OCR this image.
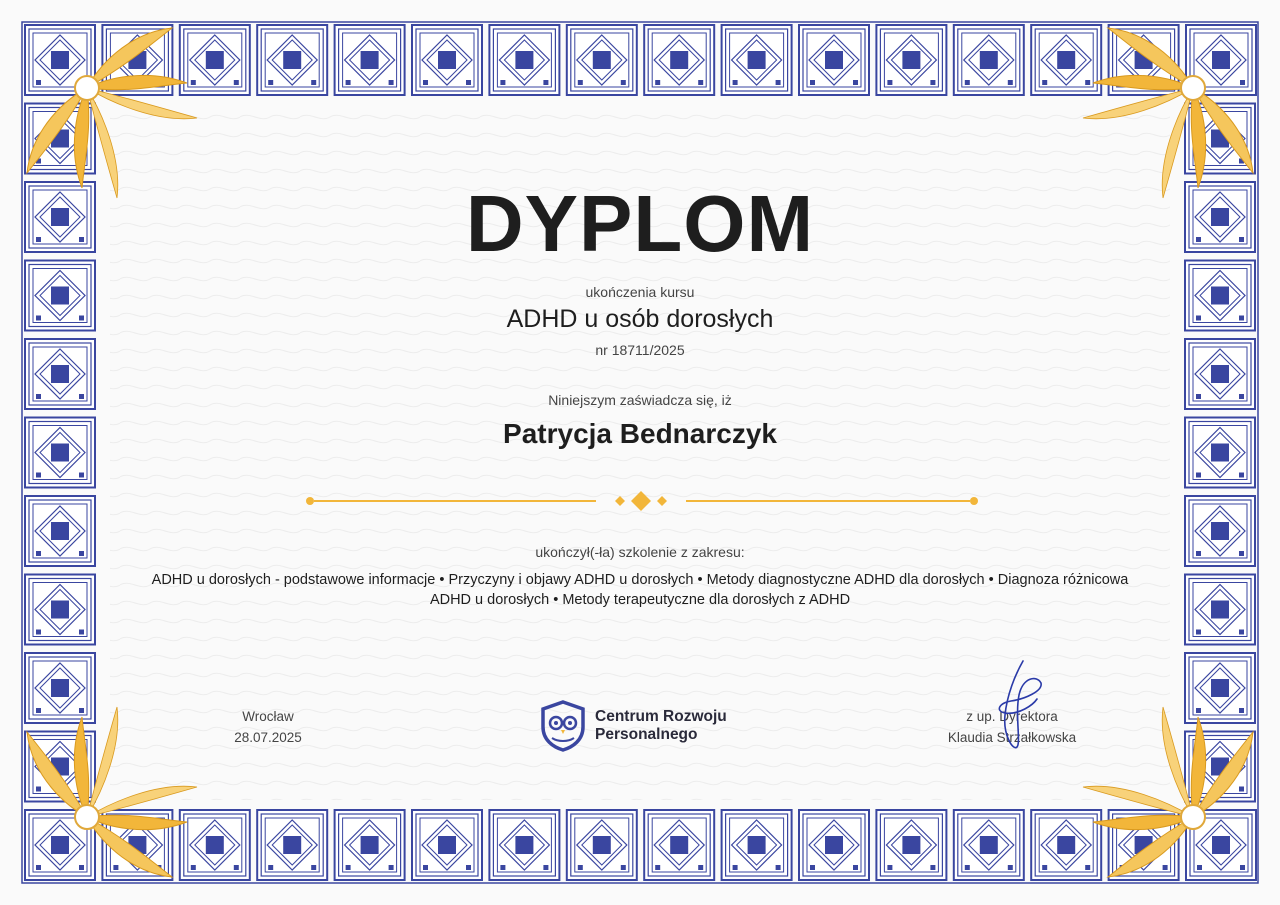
DYPLOM
ukończenia kursu
ADHD u osób dorosłych
nr 18711/2025
Niniejszym zaświadcza się, iż
Patrycja Bednarczyk
ukończył(-ła) szkolenie z zakresu:
ADHD u dorosłych - podstawowe informacje • Przyczyny i objawy ADHD u dorosłych • Metody diagnostyczne ADHD dla dorosłych • Diagnoza różnicowa ADHD u dorosłych • Metody terapeutyczne dla dorosłych z ADHD
Wrocław
28.07.2025
Centrum Rozwoju
Personalnego
z up. Dyrektora
Klaudia Strzałkowska
